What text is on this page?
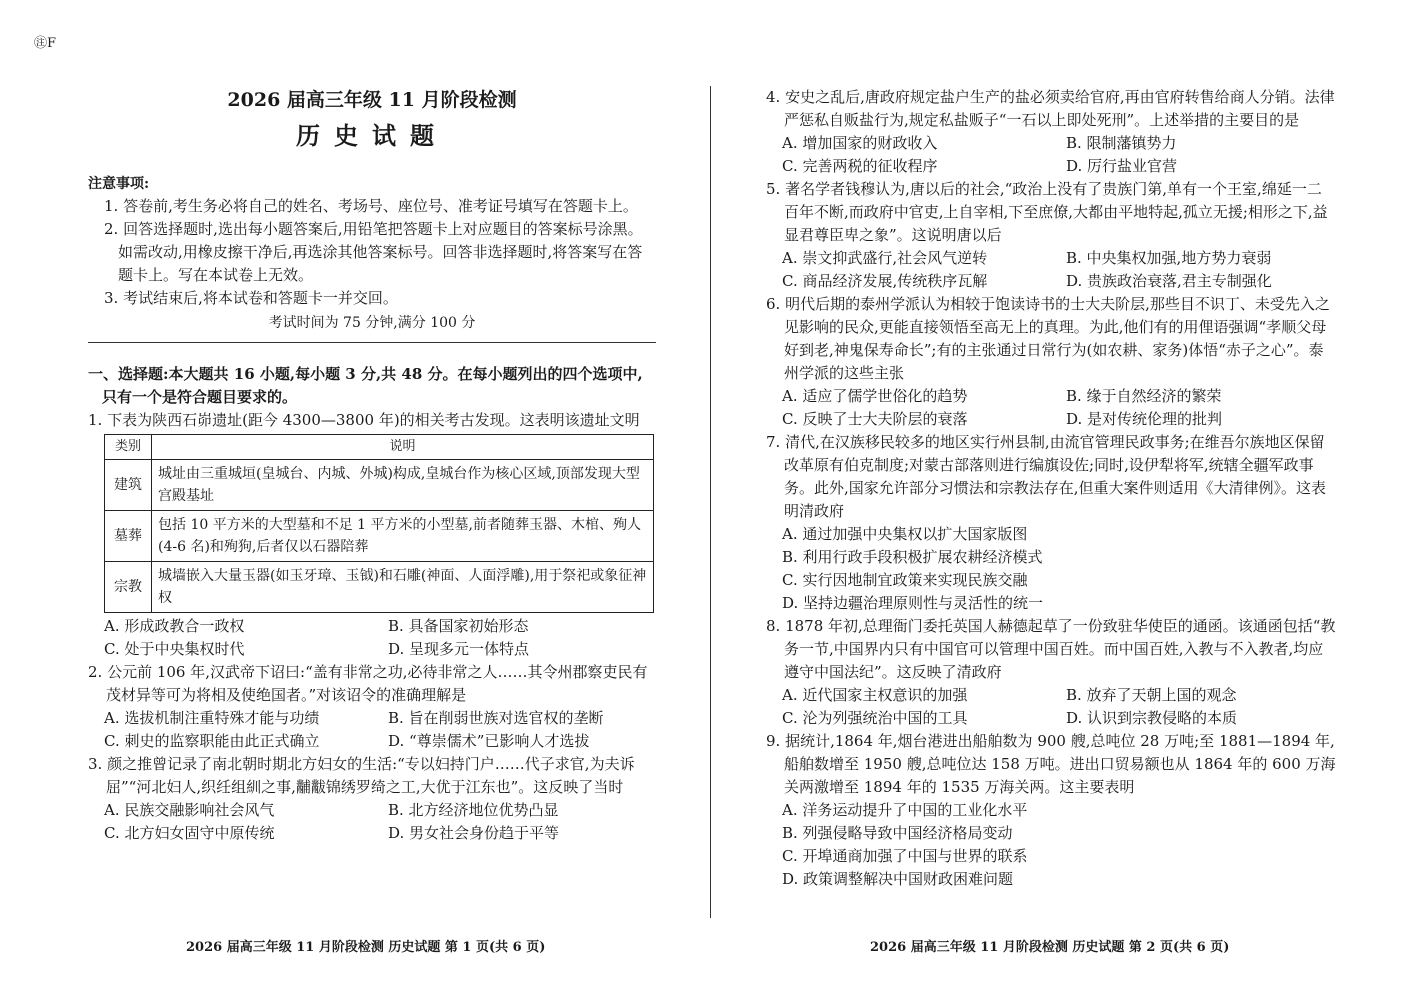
㊟F

2026 届高三年级 11 月阶段检测

历史试题

注意事项:

1. 答卷前,考生务必将自己的姓名、考场号、座位号、准考证号填写在答题卡上。

2. 回答选择题时,选出每小题答案后,用铅笔把答题卡上对应题目的答案标号涂黑。如需改动,用橡皮擦干净后,再选涂其他答案标号。回答非选择题时,将答案写在答题卡上。写在本试卷上无效。

3. 考试结束后,将本试卷和答题卡一并交回。

考试时间为 75 分钟,满分 100 分

一、选择题:本大题共 16 小题,每小题 3 分,共 48 分。在每小题列出的四个选项中,
只有一个是符合题目要求的。

1. 下表为陕西石峁遗址(距今 4300—3800 年)的相关考古发现。这表明该遗址文明

类别	说明
建筑	城址由三重城垣(皇城台、内城、外城)构成,皇城台作为核心区域,顶部发现大型宫殿基址
墓葬	包括 10 平方米的大型墓和不足 1 平方米的小型墓,前者随葬玉器、木棺、殉人(4-6 名)和殉狗,后者仅以石器陪葬
宗教	城墙嵌入大量玉器(如玉牙璋、玉钺)和石雕(神面、人面浮雕),用于祭祀或象征神权
A. 形成政教合一政权	B. 具备国家初始形态
C. 处于中央集权时代	D. 呈现多元一体特点

2. 公元前 106 年,汉武帝下诏曰:“盖有非常之功,必待非常之人……其令州郡察吏民有茂材异等可为将相及使绝国者。”对该诏令的准确理解是

A. 选拔机制注重特殊才能与功绩	B. 旨在削弱世族对选官权的垄断
C. 刺史的监察职能由此正式确立	D. “尊崇儒术”已影响人才选拔

3. 颜之推曾记录了南北朝时期北方妇女的生活:“专以妇持门户……代子求官,为夫诉屈”“河北妇人,织纴组紃之事,黼黻锦绣罗绮之工,大优于江东也”。这反映了当时

A. 民族交融影响社会风气	B. 北方经济地位优势凸显
C. 北方妇女固守中原传统	D. 男女社会身份趋于平等

4. 安史之乱后,唐政府规定盐户生产的盐必须卖给官府,再由官府转售给商人分销。法律严惩私自贩盐行为,规定私盐贩子“一石以上即处死刑”。上述举措的主要目的是

A. 增加国家的财政收入	B. 限制藩镇势力
C. 完善两税的征收程序	D. 厉行盐业官营

5. 著名学者钱穆认为,唐以后的社会,“政治上没有了贵族门第,单有一个王室,绵延一二百年不断,而政府中官吏,上自宰相,下至庶僚,大都由平地特起,孤立无援;相形之下,益显君尊臣卑之象”。这说明唐以后

A. 崇文抑武盛行,社会风气逆转	B. 中央集权加强,地方势力衰弱
C. 商品经济发展,传统秩序瓦解	D. 贵族政治衰落,君主专制强化

6. 明代后期的泰州学派认为相较于饱读诗书的士大夫阶层,那些目不识丁、未受先入之见影响的民众,更能直接领悟至高无上的真理。为此,他们有的用俚语强调“孝顺父母好到老,神鬼保寿命长”;有的主张通过日常行为(如农耕、家务)体悟“赤子之心”。泰州学派的这些主张

A. 适应了儒学世俗化的趋势	B. 缘于自然经济的繁荣
C. 反映了士大夫阶层的衰落	D. 是对传统伦理的批判

7. 清代,在汉族移民较多的地区实行州县制,由流官管理民政事务;在维吾尔族地区保留改革原有伯克制度;对蒙古部落则进行编旗设佐;同时,设伊犁将军,统辖全疆军政事务。此外,国家允许部分习惯法和宗教法存在,但重大案件则适用《大清律例》。这表明清政府

A. 通过加强中央集权以扩大国家版图
B. 利用行政手段积极扩展农耕经济模式
C. 实行因地制宜政策来实现民族交融
D. 坚持边疆治理原则性与灵活性的统一

8. 1878 年初,总理衙门委托英国人赫德起草了一份致驻华使臣的通函。该通函包括“教务一节,中国界内只有中国官可以管理中国百姓。而中国百姓,入教与不入教者,均应遵守中国法纪”。这反映了清政府

A. 近代国家主权意识的加强	B. 放弃了天朝上国的观念
C. 沦为列强统治中国的工具	D. 认识到宗教侵略的本质

9. 据统计,1864 年,烟台港进出船舶数为 900 艘,总吨位 28 万吨;至 1881—1894 年,船舶数增至 1950 艘,总吨位达 158 万吨。进出口贸易额也从 1864 年的 600 万海关两激增至 1894 年的 1535 万海关两。这主要表明

A. 洋务运动提升了中国的工业化水平
B. 列强侵略导致中国经济格局变动
C. 开埠通商加强了中国与世界的联系
D. 政策调整解决中国财政困难问题
2026 届高三年级 11 月阶段检测 历史试题 第 1 页(共 6 页)	2026 届高三年级 11 月阶段检测 历史试题 第 2 页(共 6 页)
